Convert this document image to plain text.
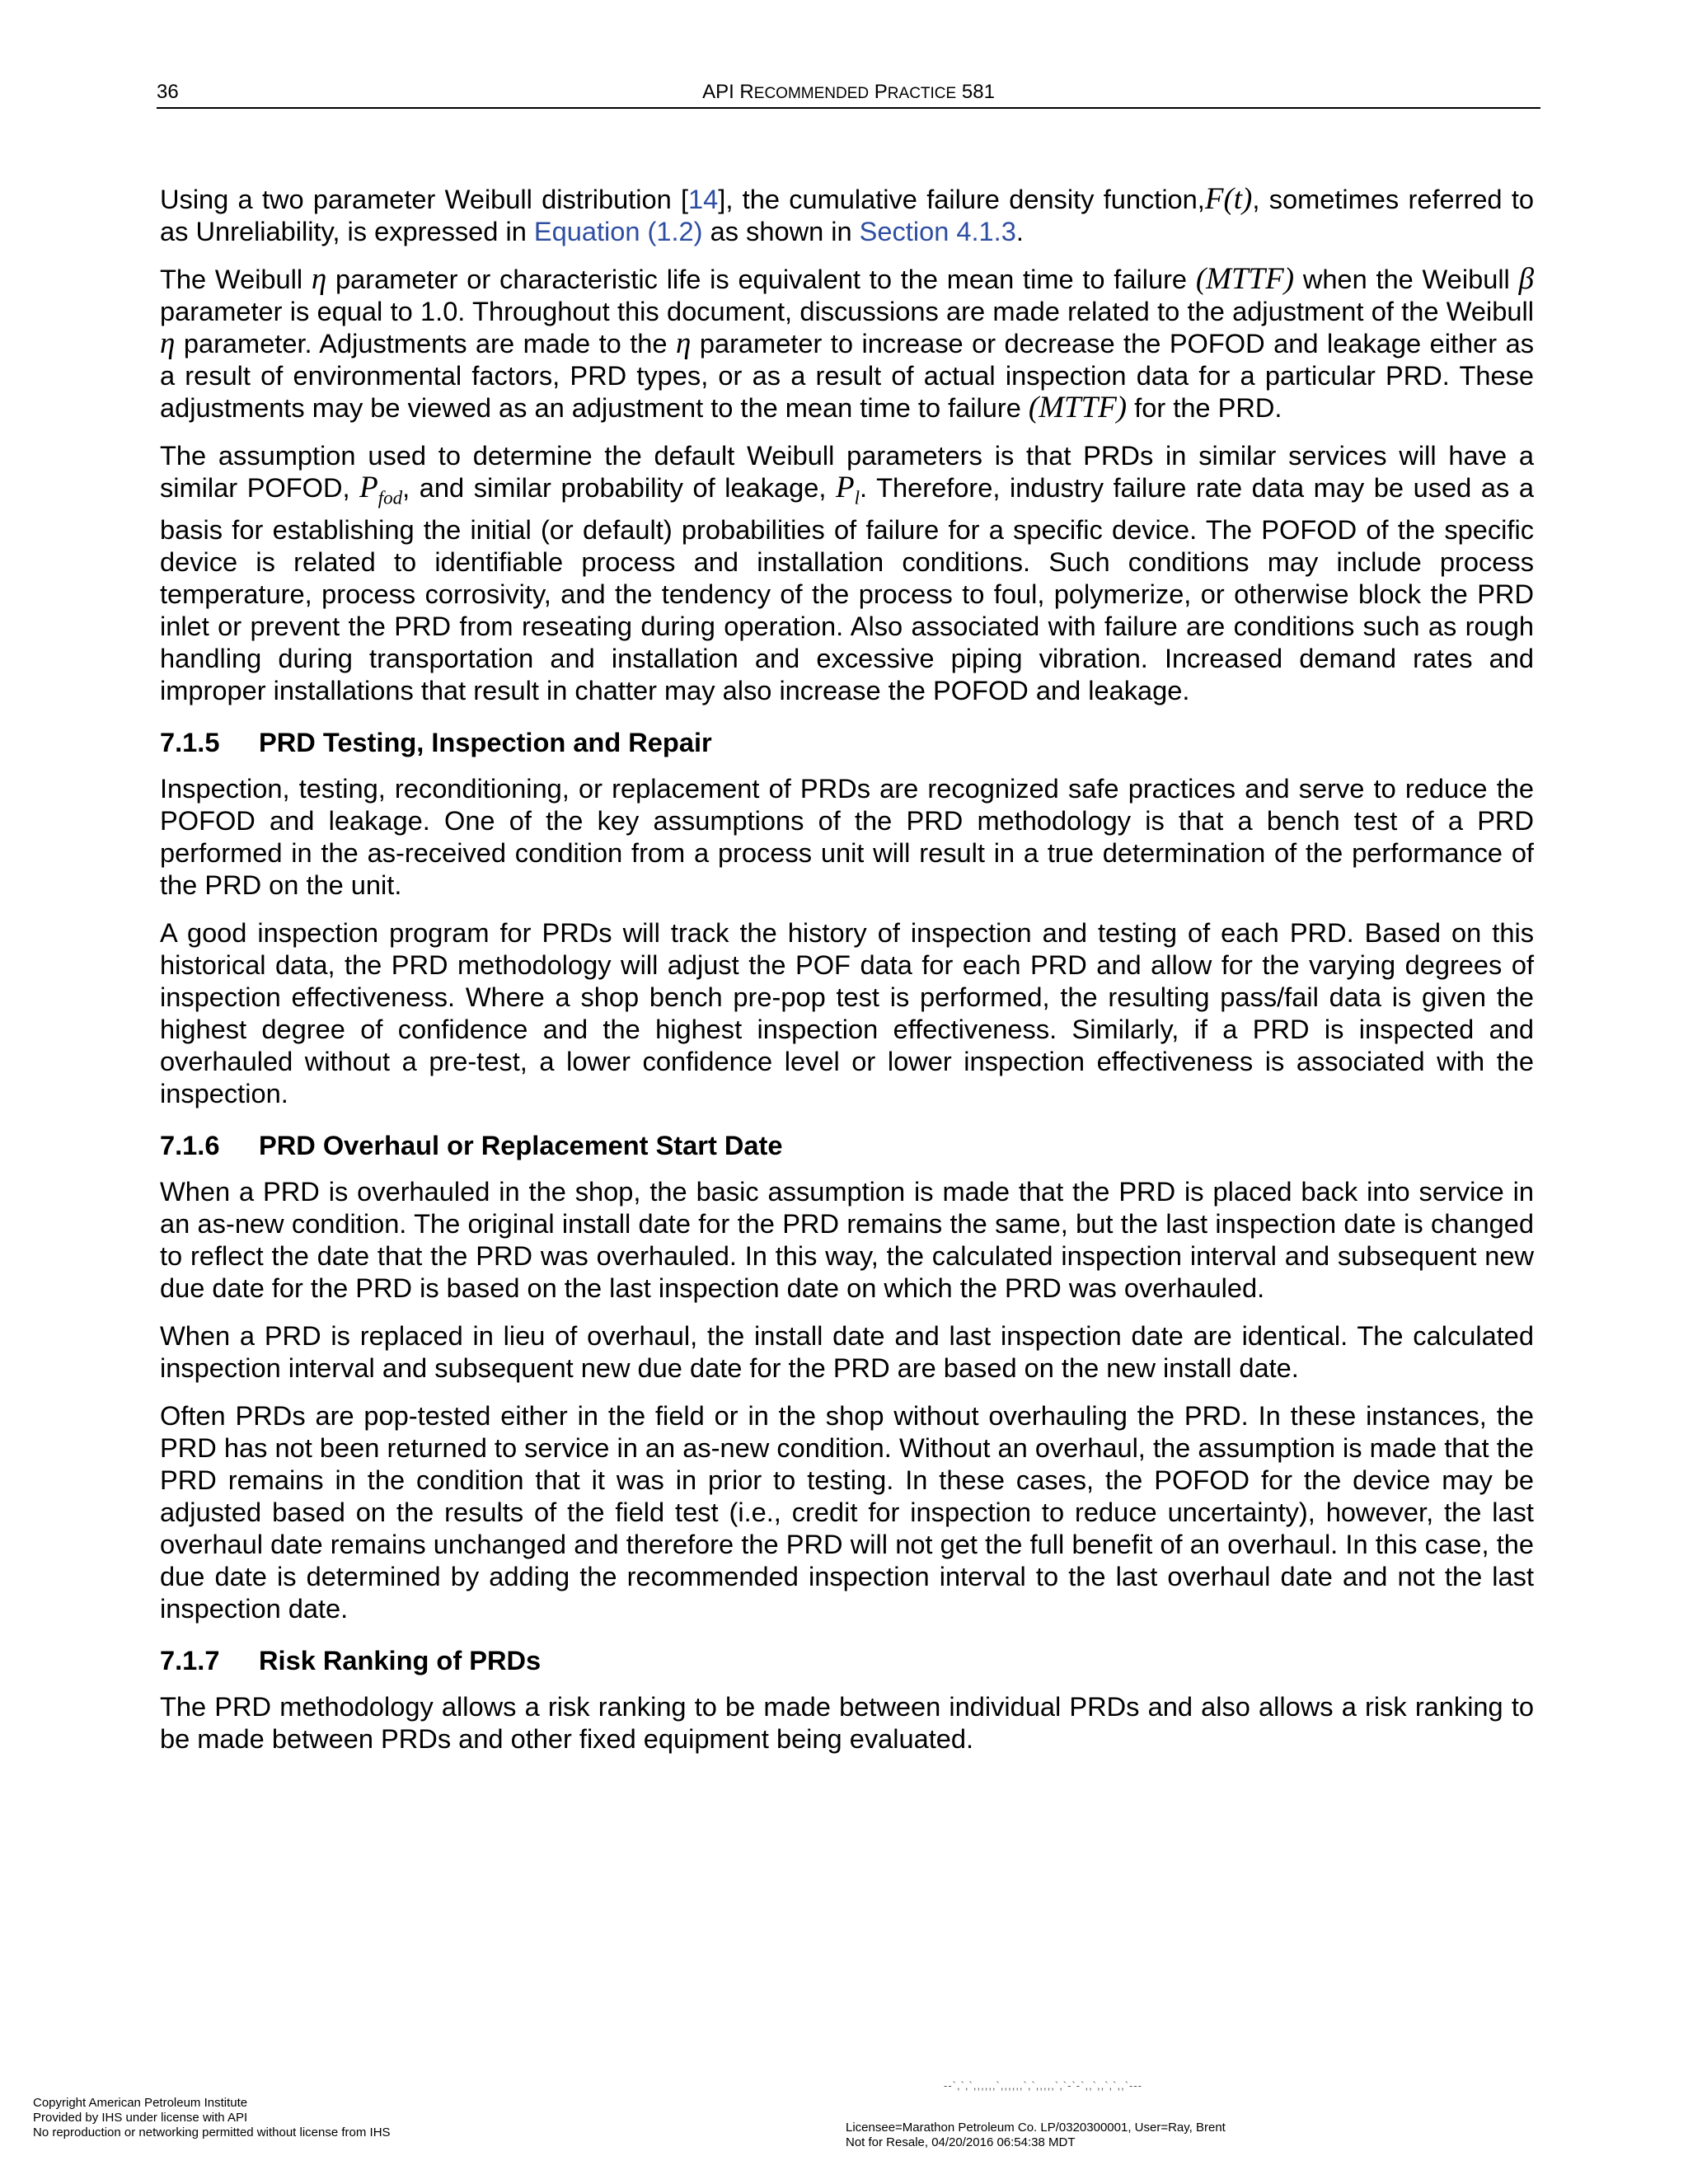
36	API RECOMMENDED PRACTICE 581

Using a two parameter Weibull distribution [14], the cumulative failure density function,F(t), sometimes referred to as Unreliability, is expressed in Equation (1.2) as shown in Section 4.1.3.

The Weibull η parameter or characteristic life is equivalent to the mean time to failure (MTTF) when the Weibull β parameter is equal to 1.0. Throughout this document, discussions are made related to the adjustment of the Weibull η parameter. Adjustments are made to the η parameter to increase or decrease the POFOD and leakage either as a result of environmental factors, PRD types, or as a result of actual inspection data for a particular PRD. These adjustments may be viewed as an adjustment to the mean time to failure (MTTF) for the PRD.

The assumption used to determine the default Weibull parameters is that PRDs in similar services will have a similar POFOD, $P_{fod}$, and similar probability of leakage, $P_l$. Therefore, industry failure rate data may be used as a basis for establishing the initial (or default) probabilities of failure for a specific device. The POFOD of the specific device is related to identifiable process and installation conditions. Such conditions may include process temperature, process corrosivity, and the tendency of the process to foul, polymerize, or otherwise block the PRD inlet or prevent the PRD from reseating during operation. Also associated with failure are conditions such as rough handling during transportation and installation and excessive piping vibration. Increased demand rates and improper installations that result in chatter may also increase the POFOD and leakage.

7.1.5 PRD Testing, Inspection and Repair

Inspection, testing, reconditioning, or replacement of PRDs are recognized safe practices and serve to reduce the POFOD and leakage. One of the key assumptions of the PRD methodology is that a bench test of a PRD performed in the as-received condition from a process unit will result in a true determination of the performance of the PRD on the unit.

A good inspection program for PRDs will track the history of inspection and testing of each PRD. Based on this historical data, the PRD methodology will adjust the POF data for each PRD and allow for the varying degrees of inspection effectiveness. Where a shop bench pre-pop test is performed, the resulting pass/fail data is given the highest degree of confidence and the highest inspection effectiveness. Similarly, if a PRD is inspected and overhauled without a pre-test, a lower confidence level or lower inspection effectiveness is associated with the inspection.

7.1.6 PRD Overhaul or Replacement Start Date

When a PRD is overhauled in the shop, the basic assumption is made that the PRD is placed back into service in an as-new condition. The original install date for the PRD remains the same, but the last inspection date is changed to reflect the date that the PRD was overhauled. In this way, the calculated inspection interval and subsequent new due date for the PRD is based on the last inspection date on which the PRD was overhauled.

When a PRD is replaced in lieu of overhaul, the install date and last inspection date are identical. The calculated inspection interval and subsequent new due date for the PRD are based on the new install date.

Often PRDs are pop-tested either in the field or in the shop without overhauling the PRD. In these instances, the PRD has not been returned to service in an as-new condition. Without an overhaul, the assumption is made that the PRD remains in the condition that it was in prior to testing. In these cases, the POFOD for the device may be adjusted based on the results of the field test (i.e., credit for inspection to reduce uncertainty), however, the last overhaul date remains unchanged and therefore the PRD will not get the full benefit of an overhaul. In this case, the due date is determined by adding the recommended inspection interval to the last overhaul date and not the last inspection date.

7.1.7 Risk Ranking of PRDs

The PRD methodology allows a risk ranking to be made between individual PRDs and also allows a risk ranking to be made between PRDs and other fixed equipment being evaluated.

--`,`,`,,,,,,`,,,,,,`,`,,,,,`,`-`-`,,`,,`,`,,`---
Copyright American Petroleum Institute
Provided by IHS under license with API
No reproduction or networking permitted without license from IHS	Licensee=Marathon Petroleum Co. LP/0320300001, User=Ray, Brent
Not for Resale, 04/20/2016 06:54:38 MDT
